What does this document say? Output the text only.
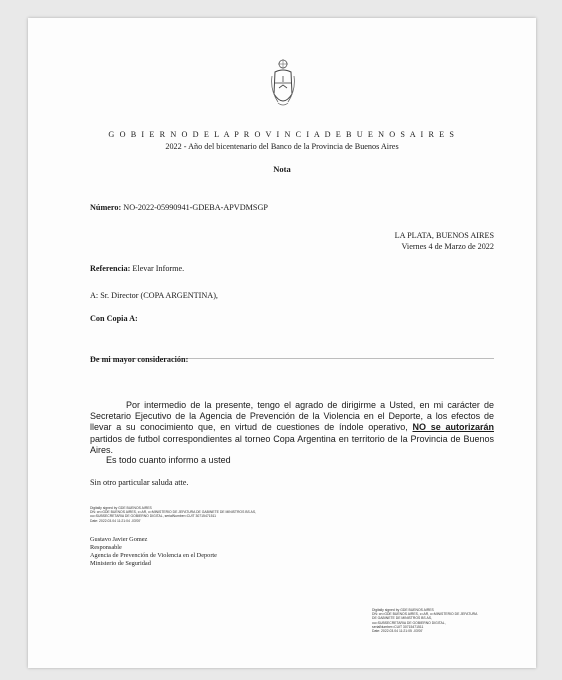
G O B I E R N O D E L A P R O V I N C I A D E B U E N O S A I R E S
2022 - Año del bicentenario del Banco de la Provincia de Buenos Aires
Nota
Número: NO-2022-05990941-GDEBA-APVDMSGP
LA PLATA, BUENOS AIRES
Viernes 4 de Marzo de 2022
Referencia: Elevar Informe.
A: Sr. Director (COPA ARGENTINA),
Con Copia A:
De mi mayor consideración:
Por intermedio de la presente, tengo el agrado de dirigirme a Usted, en mi carácter de Secretario Ejecutivo de la Agencia de Prevención de la Violencia en el Deporte, a los efectos de llevar a su conocimiento que, en virtud de cuestiones de índole operativo, NO se autorizarán partidos de futbol correspondientes al torneo Copa Argentina en territorio de la Provincia de Buenos Aires.
Es todo cuanto informo a usted
Sin otro particular saluda atte.
Digitally signed by GDE BUENOS AIRES
DN: cn=GDE BUENOS AIRES, c=AR, o=MINISTERIO DE JEFATURA DE GABINETE DE MINISTROS BS AS,
ou=SUBSECRETARIA DE GOBIERNO DIGITAL, serialNumber=CUIT 30715471511
Date: 2022.03.04 11:21:04 -03'00'
Gustavo Javier Gomez
Responsable
Agencia de Prevención de Violencia en el Deporte
Ministerio de Seguridad
Digitally signed by GDE BUENOS AIRES
DN: cn=GDE BUENOS AIRES, c=AR, o=MINISTERIO DE JEFATURA
DE GABINETE DE MINISTROS BS AS,
ou=SUBSECRETARIA DE GOBIERNO DIGITAL,
serialNumber=CUIT 30715471511
Date: 2022.03.04 11:21:05 -03'00'
